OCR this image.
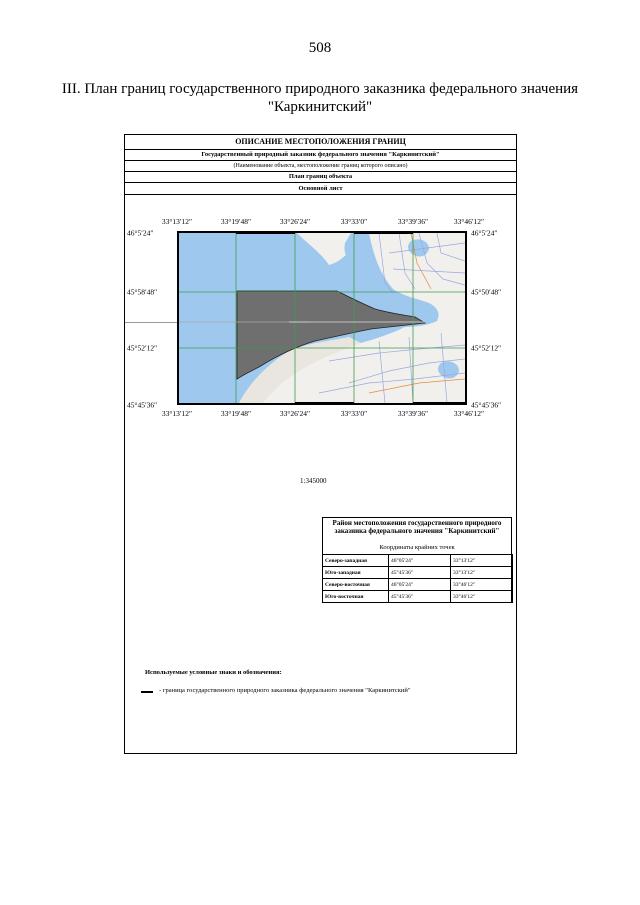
508
III. План границ государственного природного заказника федерального значения "Каркинитский"
ОПИСАНИЕ МЕСТОПОЛОЖЕНИЯ ГРАНИЦ
Государственный природный заказник федерального значения "Каркинитский"
(Наименование объекта, местоположение границ которого описано)
План границ объекта
Основной лист
33°13′12″	33°19′48″	33°26′24″	33°33′0″	33°39′36″	33°46′12″
33°13′12″	33°19′48″	33°26′24″	33°33′0″	33°39′36″	33°46′12″
46°5′24″
45°58′48″
45°52′12″
45°45′36″
46°5′24″
45°50′48″
45°52′12″
45°45′36″
1:345000
Район местоположения государственного природного заказника федерального значения "Каркинитский"
Координаты крайних точек
Северо-западная	46°05′24″	33°13′12″
Юго-западная	45°45′36″	33°13′12″
Северо-восточная	46°05′24″	33°46′12″
Юго-восточная	45°45′36″	33°46′12″
Используемые условные знаки и обозначения:
- граница государственного природного заказника федерального значения "Каркинитский"
